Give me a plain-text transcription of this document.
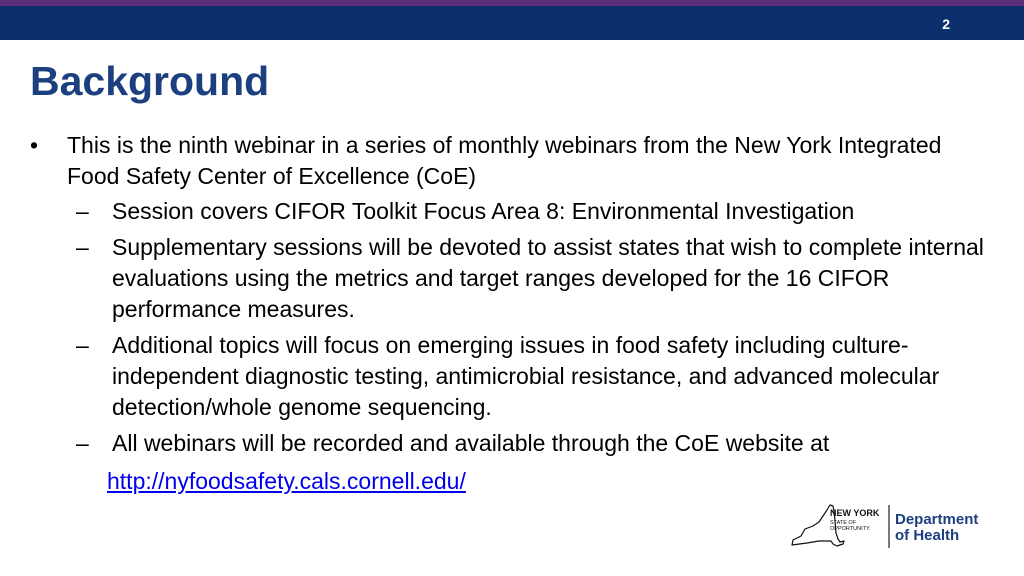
2
Background
• This is the ninth webinar in a series of monthly webinars from the New York Integrated Food Safety Center of Excellence (CoE)
– Session covers CIFOR Toolkit Focus Area 8: Environmental Investigation
– Supplementary sessions will be devoted to assist states that wish to complete internal evaluations using the metrics and target ranges developed for the 16 CIFOR performance measures.
– Additional topics will focus on emerging issues in food safety including culture-independent diagnostic testing, antimicrobial resistance, and advanced molecular detection/whole genome sequencing.
– All webinars will be recorded and available through the CoE website at
http://nyfoodsafety.cals.cornell.edu/
NEW YORK
STATE OF
OPPORTUNITY.
Department
of Health
